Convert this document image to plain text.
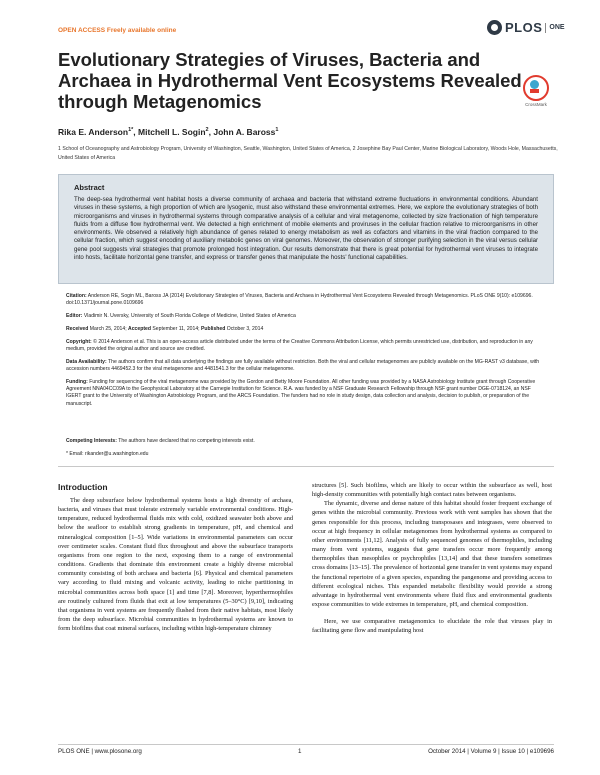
OPEN ACCESS Freely available online	PLOS ONE
Evolutionary Strategies of Viruses, Bacteria and Archaea in Hydrothermal Vent Ecosystems Revealed through Metagenomics	CrossMark
Rika E. Anderson$^{1*}$, Mitchell L. Sogin$^2$, John A. Baross$^1$
1 School of Oceanography and Astrobiology Program, University of Washington, Seattle, Washington, United States of America, 2 Josephine Bay Paul Center, Marine Biological Laboratory, Woods Hole, Massachusetts, United States of America
Abstract
The deep-sea hydrothermal vent habitat hosts a diverse community of archaea and bacteria that withstand extreme fluctuations in environmental conditions. Abundant viruses in these systems, a high proportion of which are lysogenic, must also withstand these environmental extremes. Here, we explore the evolutionary strategies of both microorganisms and viruses in hydrothermal systems through comparative analysis of a cellular and viral metagenome, collected by size fractionation of high temperature fluids from a diffuse flow hydrothermal vent. We detected a high enrichment of mobile elements and proviruses in the cellular fraction relative to microorganisms in other environments. We observed a relatively high abundance of genes related to energy metabolism as well as cofactors and vitamins in the viral fraction compared to the cellular fraction, which suggest encoding of auxiliary metabolic genes on viral genomes. Moreover, the observation of stronger purifying selection in the viral versus cellular gene pool suggests viral strategies that promote prolonged host integration. Our results demonstrate that there is great potential for hydrothermal vent viruses to integrate into hosts, facilitate horizontal gene transfer, and express or transfer genes that manipulate the hosts' functional capabilities.
Citation: Anderson RE, Sogin ML, Baross JA (2014) Evolutionary Strategies of Viruses, Bacteria and Archaea in Hydrothermal Vent Ecosystems Revealed through Metagenomics. PLoS ONE 9(10): e109696. doi:10.1371/journal.pone.0109696
Editor: Vladimir N. Uversky, University of South Florida College of Medicine, United States of America
Received March 25, 2014; Accepted September 11, 2014; Published October 3, 2014
Copyright: © 2014 Anderson et al. This is an open-access article distributed under the terms of the Creative Commons Attribution License, which permits unrestricted use, distribution, and reproduction in any medium, provided the original author and source are credited.
Data Availability: The authors confirm that all data underlying the findings are fully available without restriction. Both the viral and cellular metagenomes are publicly available on the MG-RAST v3 database, with accession numbers 4469452.3 for the viral metagenome and 4481541.3 for the cellular metagenome.
Funding: Funding for sequencing of the viral metagenome was provided by the Gordon and Betty Moore Foundation. All other funding was provided by a NASA Astrobiology Institute grant through Cooperative Agreement NNA04CC09A to the Geophysical Laboratory at the Carnegie Institution for Science. R.A. was funded by a NSF Graduate Research Fellowship through NSF grant number DGE-0718124, an NSF IGERT grant to the University of Washington Astrobiology Program, and the ARCS Foundation. The funders had no role in study design, data collection and analysis, decision to publish, or preparation of the manuscript.
Competing Interests: The authors have declared that no competing interests exist.
* Email: rikander@u.washington.edu
Introduction

The deep subsurface below hydrothermal systems hosts a high diversity of archaea, bacteria, and viruses that must tolerate extremely variable environmental conditions. High-temperature, reduced hydrothermal fluids mix with cold, oxidized seawater both above and below the seafloor to establish strong gradients in temperature, pH, and chemical and mineralogical composition [1–5]. Wide variations in environmental parameters can occur over centimeter scales. Constant fluid flux throughout and above the subsurface transports organisms from one region to the next, exposing them to a range of environmental conditions. Gradients that dominate this environment create a highly diverse microbial community consisting of both archaea and bacteria [6]. Physical and chemical parameters vary according to fluid mixing and volcanic activity, leading to niche partitioning in microbial communities across both space [1] and time [7,8]. Moreover, hyperthermophiles are routinely cultured from fluids that exit at low temperatures (5–30°C) [9,10], indicating that organisms in vent systems are frequently flushed from their native habitats, most likely from the deep subsurface. Microbial communities in hydrothermal systems are known to form biofilms that coat mineral surfaces, including within high-temperature chimney

structures [5]. Such biofilms, which are likely to occur within the subsurface as well, host high-density communities with potentially high contact rates between organisms.

The dynamic, diverse and dense nature of this habitat should foster frequent exchange of genes within the microbial community. Previous work with vent samples has shown that the genes responsible for this process, including transposases and integrases, were observed to occur at high frequency in cellular metagenomes from hydrothermal systems as compared to other environments [11,12]. Analysis of fully sequenced genomes of thermophiles, including many from vent systems, suggests that gene transfers occur more frequently among thermophiles than mesophiles or psychrophiles [13,14] and that these transfers sometimes cross domains [13–15]. The prevalence of horizontal gene transfer in vent systems may expand the functional repertoire of a given species, expanding the pangenome and providing access to different ecological niches. This expanded metabolic flexibility would provide a strong advantage in hydrothermal vent environments where fluid flux and environmental gradients expose communities to wide extremes in temperature, pH, and chemical composition.

Here, we use comparative metagenomics to elucidate the role that viruses play in facilitating gene flow and manipulating host

PLOS ONE | www.plosone.org	1	October 2014 | Volume 9 | Issue 10 | e109696
